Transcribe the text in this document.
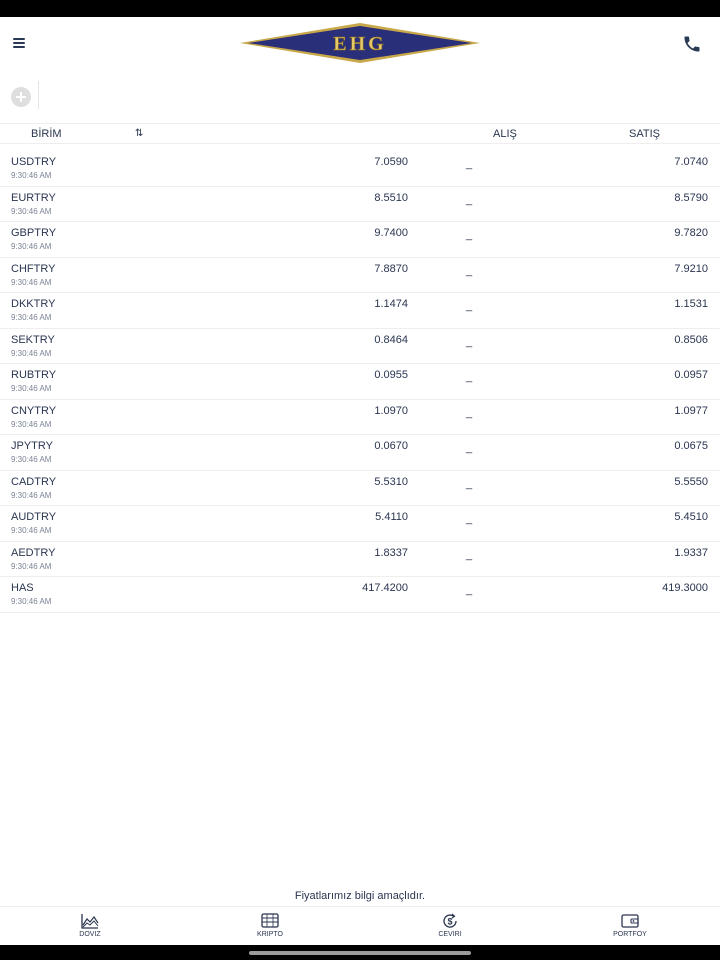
EHG
BİRİM	⇅	ALIŞ	SATIŞ
USDTRY
9:30:46 AM
7.0590	_	7.0740
EURTRY
9:30:46 AM
8.5510	_	8.5790
GBPTRY
9:30:46 AM
9.7400	_	9.7820
CHFTRY
9:30:46 AM
7.8870	_	7.9210
DKKTRY
9:30:46 AM
1.1474	_	1.1531
SEKTRY
9:30:46 AM
0.8464	_	0.8506
RUBTRY
9:30:46 AM
0.0955	_	0.0957
CNYTRY
9:30:46 AM
1.0970	_	1.0977
JPYTRY
9:30:46 AM
0.0670	_	0.0675
CADTRY
9:30:46 AM
5.5310	_	5.5550
AUDTRY
9:30:46 AM
5.4110	_	5.4510
AEDTRY
9:30:46 AM
1.8337	_	1.9337
HAS
9:30:46 AM
417.4200	_	419.3000
Fiyatlarımız bilgi amaçlıdır.
DOVIZ	KRIPTO
$
CEVIRI	PORTFOY
